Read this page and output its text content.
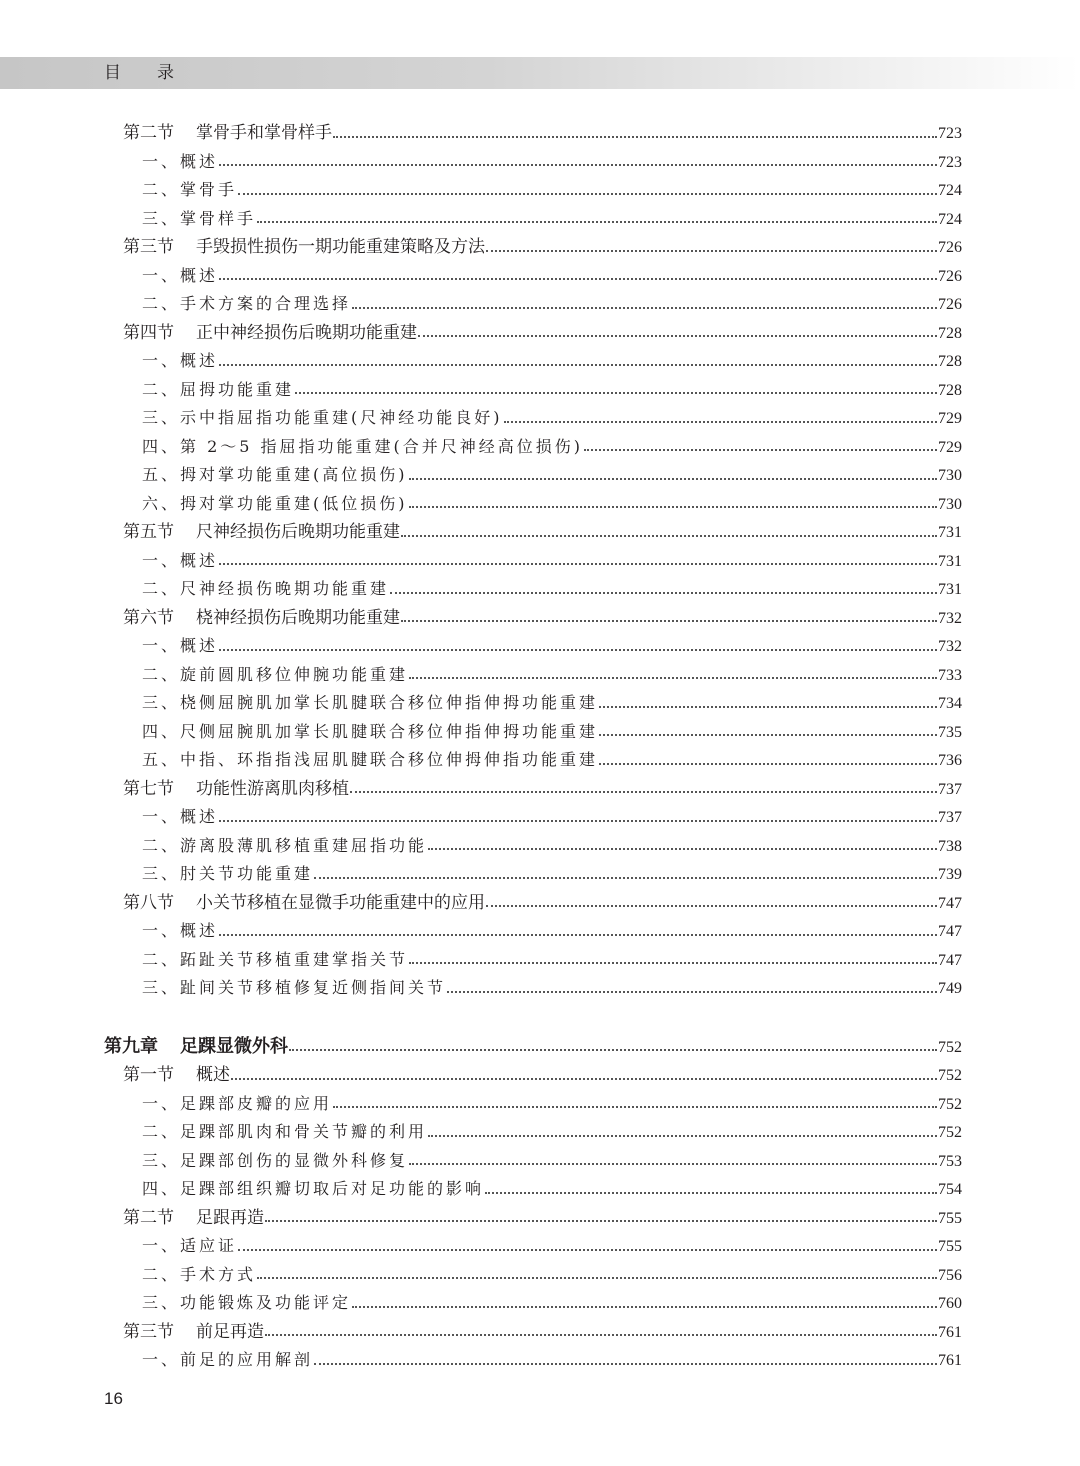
目录
第二节 掌骨手和掌骨样手	723
一、概述	723
二、掌骨手	724
三、掌骨样手	724
第三节 手毁损性损伤一期功能重建策略及方法	726
一、概述	726
二、手术方案的合理选择	726
第四节 正中神经损伤后晚期功能重建	728
一、概述	728
二、屈拇功能重建	728
三、示中指屈指功能重建(尺神经功能良好)	729
四、第 2～5 指屈指功能重建(合并尺神经高位损伤)	729
五、拇对掌功能重建(高位损伤)	730
六、拇对掌功能重建(低位损伤)	730
第五节 尺神经损伤后晚期功能重建	731
一、概述	731
二、尺神经损伤晚期功能重建	731
第六节 桡神经损伤后晚期功能重建	732
一、概述	732
二、旋前圆肌移位伸腕功能重建	733
三、桡侧屈腕肌加掌长肌腱联合移位伸指伸拇功能重建	734
四、尺侧屈腕肌加掌长肌腱联合移位伸指伸拇功能重建	735
五、中指、环指指浅屈肌腱联合移位伸拇伸指功能重建	736
第七节 功能性游离肌肉移植	737
一、概述	737
二、游离股薄肌移植重建屈指功能	738
三、肘关节功能重建	739
第八节 小关节移植在显微手功能重建中的应用	747
一、概述	747
二、跖趾关节移植重建掌指关节	747
三、趾间关节移植修复近侧指间关节	749
第九章 足踝显微外科	752
第一节 概述	752
一、足踝部皮瓣的应用	752
二、足踝部肌肉和骨关节瓣的利用	752
三、足踝部创伤的显微外科修复	753
四、足踝部组织瓣切取后对足功能的影响	754
第二节 足跟再造	755
一、适应证	755
二、手术方式	756
三、功能锻炼及功能评定	760
第三节 前足再造	761
一、前足的应用解剖	761
16
